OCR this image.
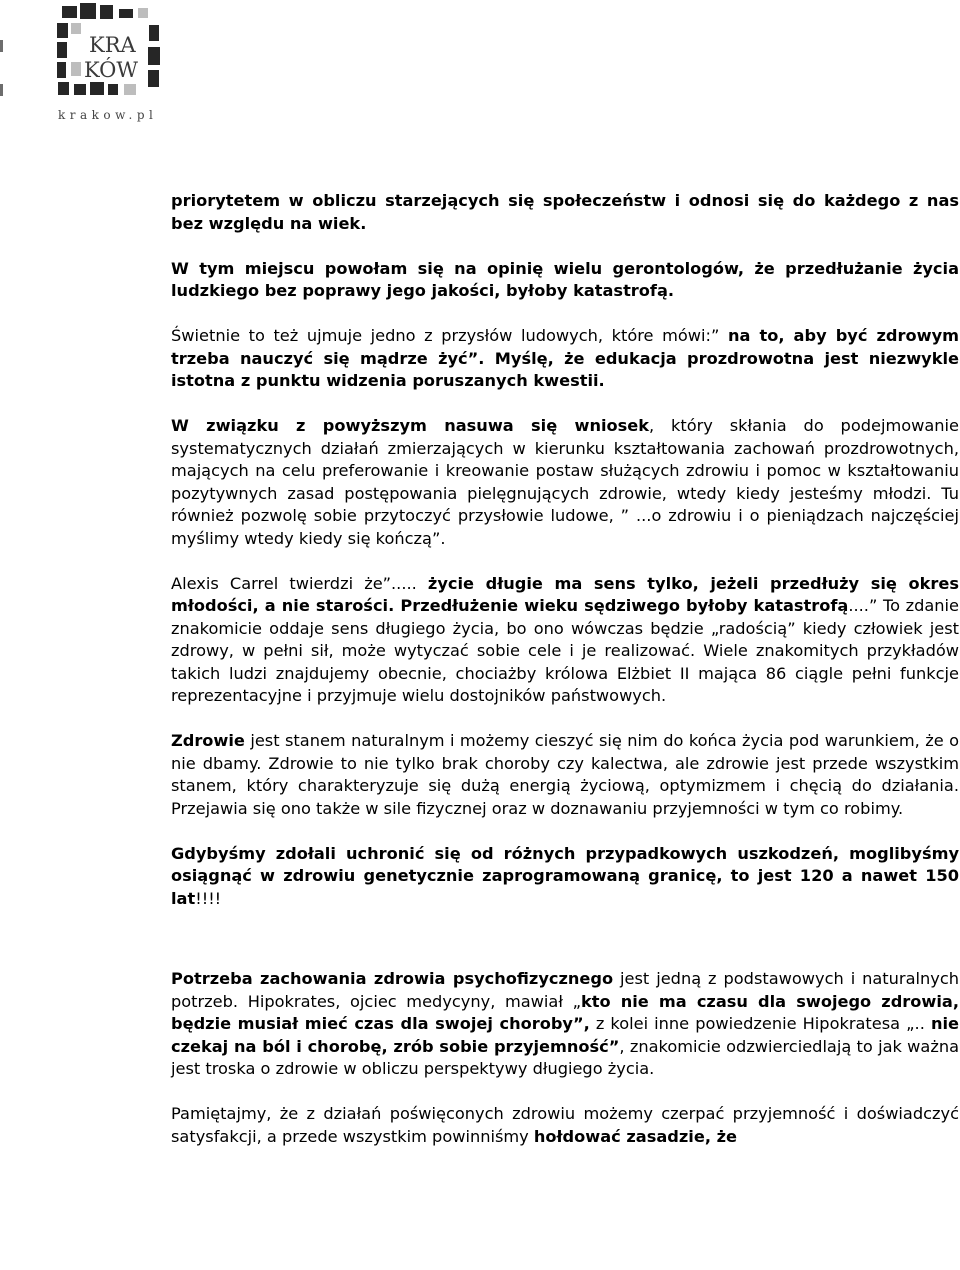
KRA
KÓW
krakow.pl

priorytetem w obliczu starzejących się społeczeństw i odnosi się do każdego z nas bez względu na wiek.

W tym miejscu powołam się na opinię wielu gerontologów, że przedłużanie życia ludzkiego bez poprawy jego jakości, byłoby katastrofą.

Świetnie to też ujmuje jedno z przysłów ludowych, które mówi:” na to, aby być zdrowym trzeba nauczyć się mądrze żyć”. Myślę, że edukacja prozdrowotna jest niezwykle istotna z punktu widzenia poruszanych kwestii.

W związku z powyższym nasuwa się wniosek, który skłania do podejmowanie systematycznych działań zmierzających w kierunku kształtowania zachowań prozdrowotnych, mających na celu preferowanie i kreowanie postaw służących zdrowiu i pomoc w kształtowaniu pozytywnych zasad postępowania pielęgnujących zdrowie, wtedy kiedy jesteśmy młodzi. Tu również pozwolę sobie przytoczyć przysłowie ludowe, ” ...o zdrowiu i o pieniądzach najczęściej myślimy wtedy kiedy się kończą”.

Alexis Carrel twierdzi że”..... życie długie ma sens tylko, jeżeli przedłuży się okres młodości, a nie starości. Przedłużenie wieku sędziwego byłoby katastrofą....” To zdanie znakomicie oddaje sens długiego życia, bo ono wówczas będzie „radością” kiedy człowiek jest zdrowy, w pełni sił, może wytyczać sobie cele i je realizować. Wiele znakomitych przykładów takich ludzi znajdujemy obecnie, chociażby królowa Elżbiet II mająca 86 ciągle pełni funkcje reprezentacyjne i przyjmuje wielu dostojników państwowych.

Zdrowie jest stanem naturalnym i możemy cieszyć się nim do końca życia pod warunkiem, że o nie dbamy. Zdrowie to nie tylko brak choroby czy kalectwa, ale zdrowie jest przede wszystkim stanem, który charakteryzuje się dużą energią życiową, optymizmem i chęcią do działania. Przejawia się ono także w sile fizycznej oraz w doznawaniu przyjemności w tym co robimy.

Gdybyśmy zdołali uchronić się od różnych przypadkowych uszkodzeń, moglibyśmy osiągnąć w zdrowiu genetycznie zaprogramowaną granicę, to jest 120 a nawet 150 lat!!!!

Potrzeba zachowania zdrowia psychofizycznego jest jedną z podstawowych i naturalnych potrzeb. Hipokrates, ojciec medycyny, mawiał „kto nie ma czasu dla swojego zdrowia, będzie musiał mieć czas dla swojej choroby”, z kolei inne powiedzenie Hipokratesa „.. nie czekaj na ból i chorobę, zrób sobie przyjemność”, znakomicie odzwierciedlają to jak ważna jest troska o zdrowie w obliczu perspektywy długiego życia.

Pamiętajmy, że z działań poświęconych zdrowiu możemy czerpać przyjemność i doświadczyć satysfakcji, a przede wszystkim powinniśmy hołdować zasadzie, że
